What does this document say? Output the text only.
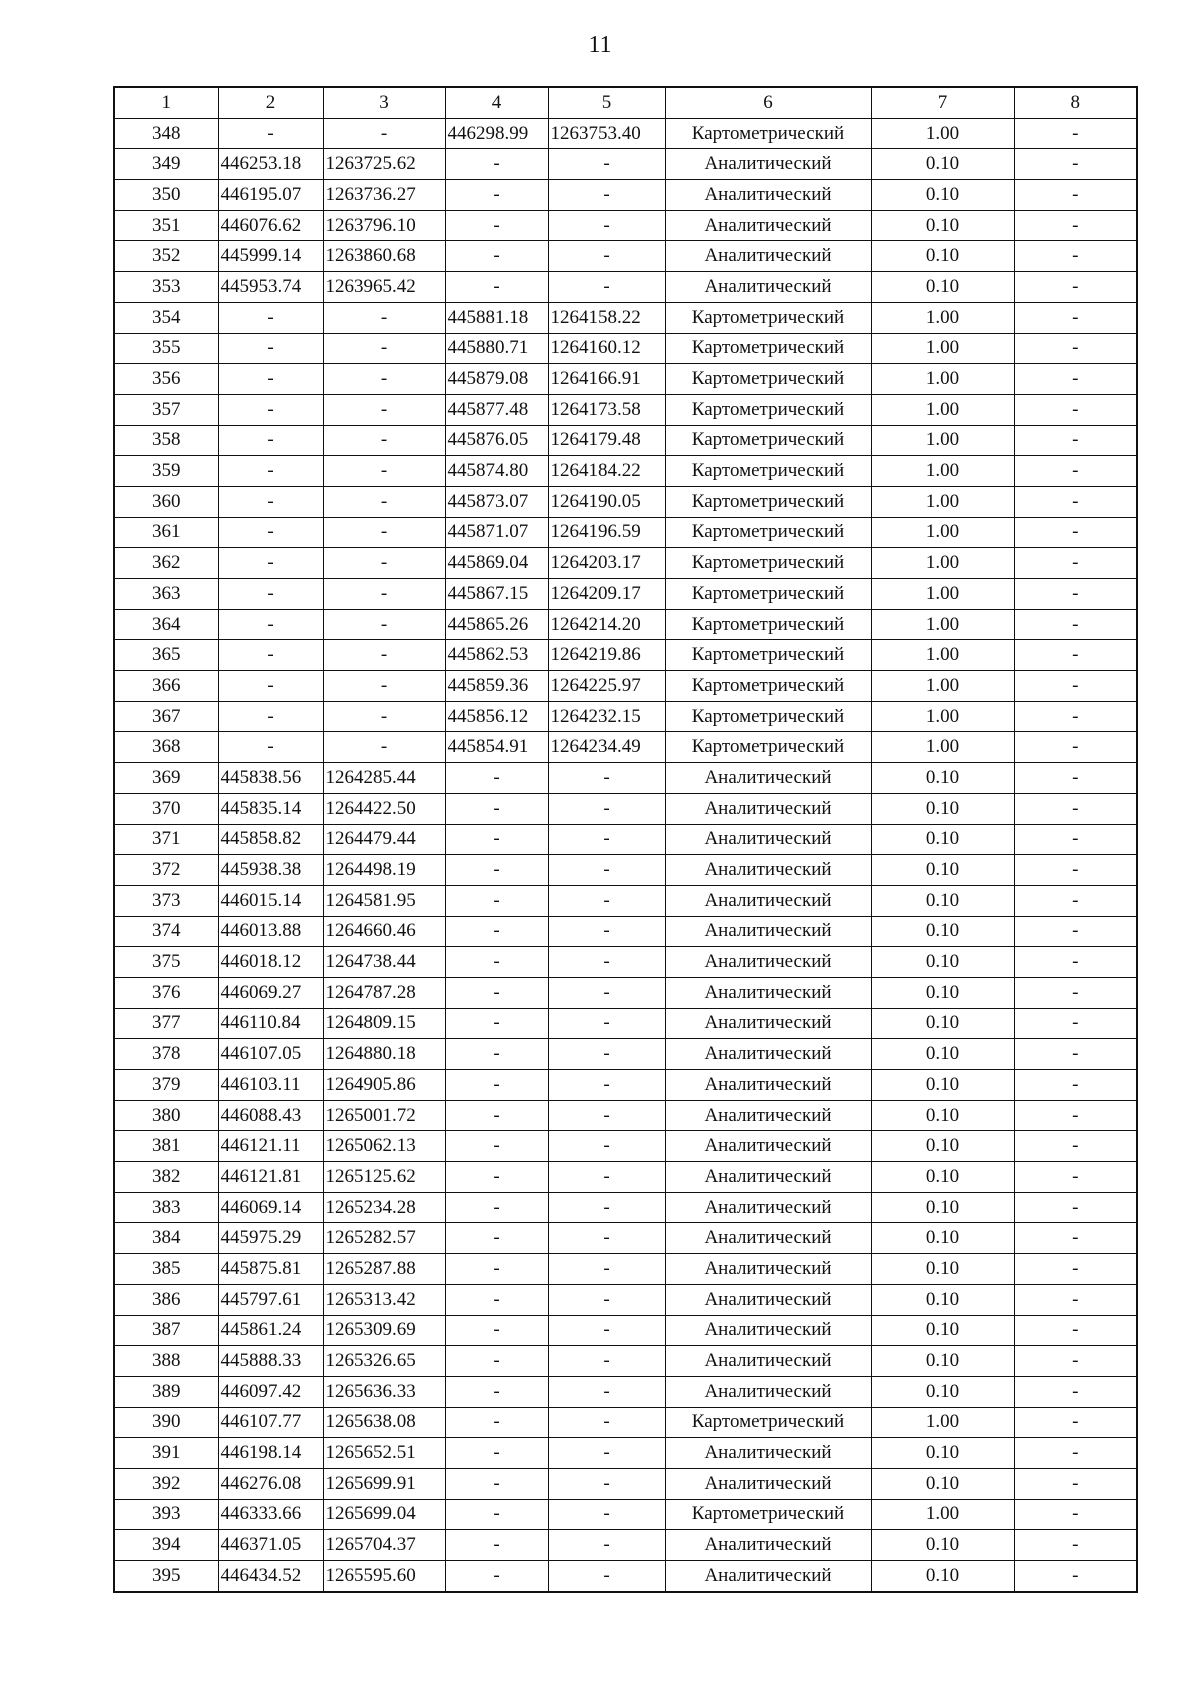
11
1	2	3	4	5	6	7	8
348	-	-	446298.99	1263753.40	Картометрический	1.00	-
349	446253.18	1263725.62	-	-	Аналитический	0.10	-
350	446195.07	1263736.27	-	-	Аналитический	0.10	-
351	446076.62	1263796.10	-	-	Аналитический	0.10	-
352	445999.14	1263860.68	-	-	Аналитический	0.10	-
353	445953.74	1263965.42	-	-	Аналитический	0.10	-
354	-	-	445881.18	1264158.22	Картометрический	1.00	-
355	-	-	445880.71	1264160.12	Картометрический	1.00	-
356	-	-	445879.08	1264166.91	Картометрический	1.00	-
357	-	-	445877.48	1264173.58	Картометрический	1.00	-
358	-	-	445876.05	1264179.48	Картометрический	1.00	-
359	-	-	445874.80	1264184.22	Картометрический	1.00	-
360	-	-	445873.07	1264190.05	Картометрический	1.00	-
361	-	-	445871.07	1264196.59	Картометрический	1.00	-
362	-	-	445869.04	1264203.17	Картометрический	1.00	-
363	-	-	445867.15	1264209.17	Картометрический	1.00	-
364	-	-	445865.26	1264214.20	Картометрический	1.00	-
365	-	-	445862.53	1264219.86	Картометрический	1.00	-
366	-	-	445859.36	1264225.97	Картометрический	1.00	-
367	-	-	445856.12	1264232.15	Картометрический	1.00	-
368	-	-	445854.91	1264234.49	Картометрический	1.00	-
369	445838.56	1264285.44	-	-	Аналитический	0.10	-
370	445835.14	1264422.50	-	-	Аналитический	0.10	-
371	445858.82	1264479.44	-	-	Аналитический	0.10	-
372	445938.38	1264498.19	-	-	Аналитический	0.10	-
373	446015.14	1264581.95	-	-	Аналитический	0.10	-
374	446013.88	1264660.46	-	-	Аналитический	0.10	-
375	446018.12	1264738.44	-	-	Аналитический	0.10	-
376	446069.27	1264787.28	-	-	Аналитический	0.10	-
377	446110.84	1264809.15	-	-	Аналитический	0.10	-
378	446107.05	1264880.18	-	-	Аналитический	0.10	-
379	446103.11	1264905.86	-	-	Аналитический	0.10	-
380	446088.43	1265001.72	-	-	Аналитический	0.10	-
381	446121.11	1265062.13	-	-	Аналитический	0.10	-
382	446121.81	1265125.62	-	-	Аналитический	0.10	-
383	446069.14	1265234.28	-	-	Аналитический	0.10	-
384	445975.29	1265282.57	-	-	Аналитический	0.10	-
385	445875.81	1265287.88	-	-	Аналитический	0.10	-
386	445797.61	1265313.42	-	-	Аналитический	0.10	-
387	445861.24	1265309.69	-	-	Аналитический	0.10	-
388	445888.33	1265326.65	-	-	Аналитический	0.10	-
389	446097.42	1265636.33	-	-	Аналитический	0.10	-
390	446107.77	1265638.08	-	-	Картометрический	1.00	-
391	446198.14	1265652.51	-	-	Аналитический	0.10	-
392	446276.08	1265699.91	-	-	Аналитический	0.10	-
393	446333.66	1265699.04	-	-	Картометрический	1.00	-
394	446371.05	1265704.37	-	-	Аналитический	0.10	-
395	446434.52	1265595.60	-	-	Аналитический	0.10	-
